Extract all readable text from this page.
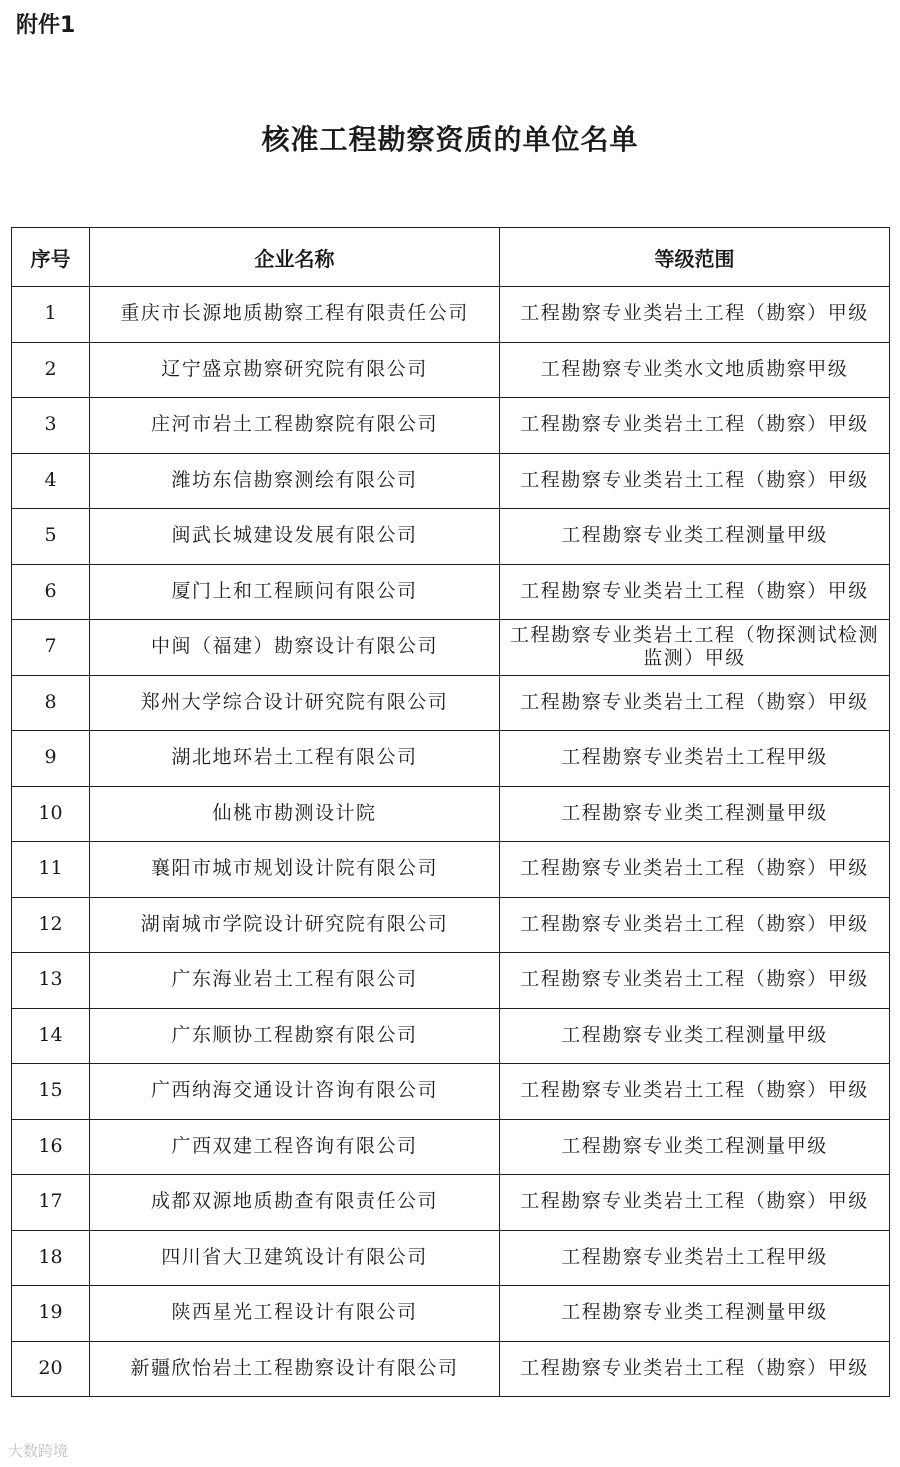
附件1
核准工程勘察资质的单位名单
序号	企业名称	等级范围
1	重庆市长源地质勘察工程有限责任公司	工程勘察专业类岩土工程（勘察）甲级
2	辽宁盛京勘察研究院有限公司	工程勘察专业类水文地质勘察甲级
3	庄河市岩土工程勘察院有限公司	工程勘察专业类岩土工程（勘察）甲级
4	潍坊东信勘察测绘有限公司	工程勘察专业类岩土工程（勘察）甲级
5	闽武长城建设发展有限公司	工程勘察专业类工程测量甲级
6	厦门上和工程顾问有限公司	工程勘察专业类岩土工程（勘察）甲级
7	中闽（福建）勘察设计有限公司	工程勘察专业类岩土工程（物探测试检测监测）甲级
8	郑州大学综合设计研究院有限公司	工程勘察专业类岩土工程（勘察）甲级
9	湖北地环岩土工程有限公司	工程勘察专业类岩土工程甲级
10	仙桃市勘测设计院	工程勘察专业类工程测量甲级
11	襄阳市城市规划设计院有限公司	工程勘察专业类岩土工程（勘察）甲级
12	湖南城市学院设计研究院有限公司	工程勘察专业类岩土工程（勘察）甲级
13	广东海业岩土工程有限公司	工程勘察专业类岩土工程（勘察）甲级
14	广东顺协工程勘察有限公司	工程勘察专业类工程测量甲级
15	广西纳海交通设计咨询有限公司	工程勘察专业类岩土工程（勘察）甲级
16	广西双建工程咨询有限公司	工程勘察专业类工程测量甲级
17	成都双源地质勘查有限责任公司	工程勘察专业类岩土工程（勘察）甲级
18	四川省大卫建筑设计有限公司	工程勘察专业类岩土工程甲级
19	陕西星光工程设计有限公司	工程勘察专业类工程测量甲级
20	新疆欣怡岩土工程勘察设计有限公司	工程勘察专业类岩土工程（勘察）甲级
大数跨境
